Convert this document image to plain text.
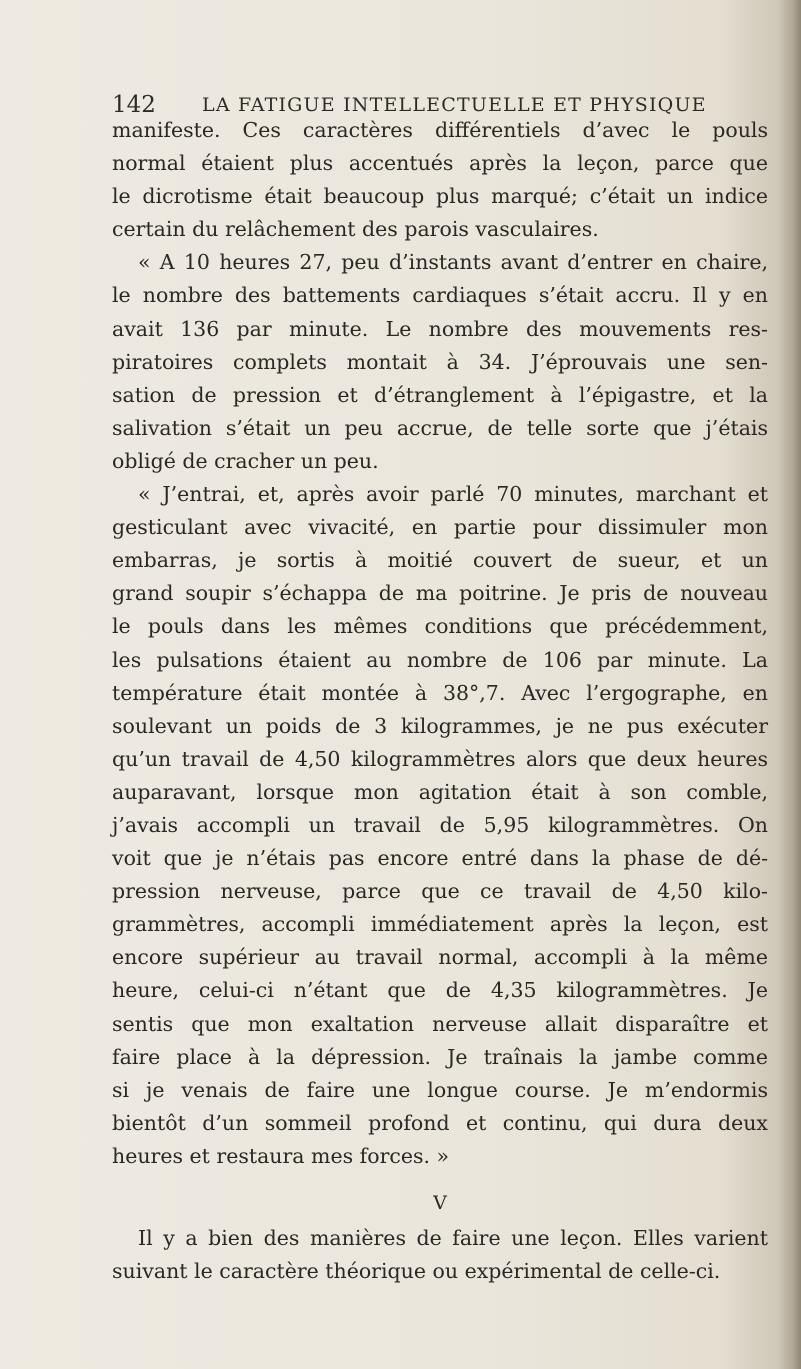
142 LA FATIGUE INTELLECTUELLE ET PHYSIQUE
manifeste. Ces caractères différentiels d’avec le pouls
normal étaient plus accentués après la leçon, parce que
le dicrotisme était beaucoup plus marqué; c’était un indice
certain du relâchement des parois vasculaires.
« A 10 heures 27, peu d’instants avant d’entrer en chaire,
le nombre des battements cardiaques s’était accru. Il y en
avait 136 par minute. Le nombre des mouvements res-
piratoires complets montait à 34. J’éprouvais une sen-
sation de pression et d’étranglement à l’épigastre, et la
salivation s’était un peu accrue, de telle sorte que j’étais
obligé de cracher un peu.
« J’entrai, et, après avoir parlé 70 minutes, marchant et
gesticulant avec vivacité, en partie pour dissimuler mon
embarras, je sortis à moitié couvert de sueur, et un
grand soupir s’échappa de ma poitrine. Je pris de nouveau
le pouls dans les mêmes conditions que précédemment,
les pulsations étaient au nombre de 106 par minute. La
température était montée à 38°,7. Avec l’ergographe, en
soulevant un poids de 3 kilogrammes, je ne pus exécuter
qu’un travail de 4,50 kilogrammètres alors que deux heures
auparavant, lorsque mon agitation était à son comble,
j’avais accompli un travail de 5,95 kilogrammètres. On
voit que je n’étais pas encore entré dans la phase de dé-
pression nerveuse, parce que ce travail de 4,50 kilo-
grammètres, accompli immédiatement après la leçon, est
encore supérieur au travail normal, accompli à la même
heure, celui-ci n’étant que de 4,35 kilogrammètres. Je
sentis que mon exaltation nerveuse allait disparaître et
faire place à la dépression. Je traînais la jambe comme
si je venais de faire une longue course. Je m’endormis
bientôt d’un sommeil profond et continu, qui dura deux
heures et restaura mes forces. »
V
Il y a bien des manières de faire une leçon. Elles varient
suivant le caractère théorique ou expérimental de celle-ci.
